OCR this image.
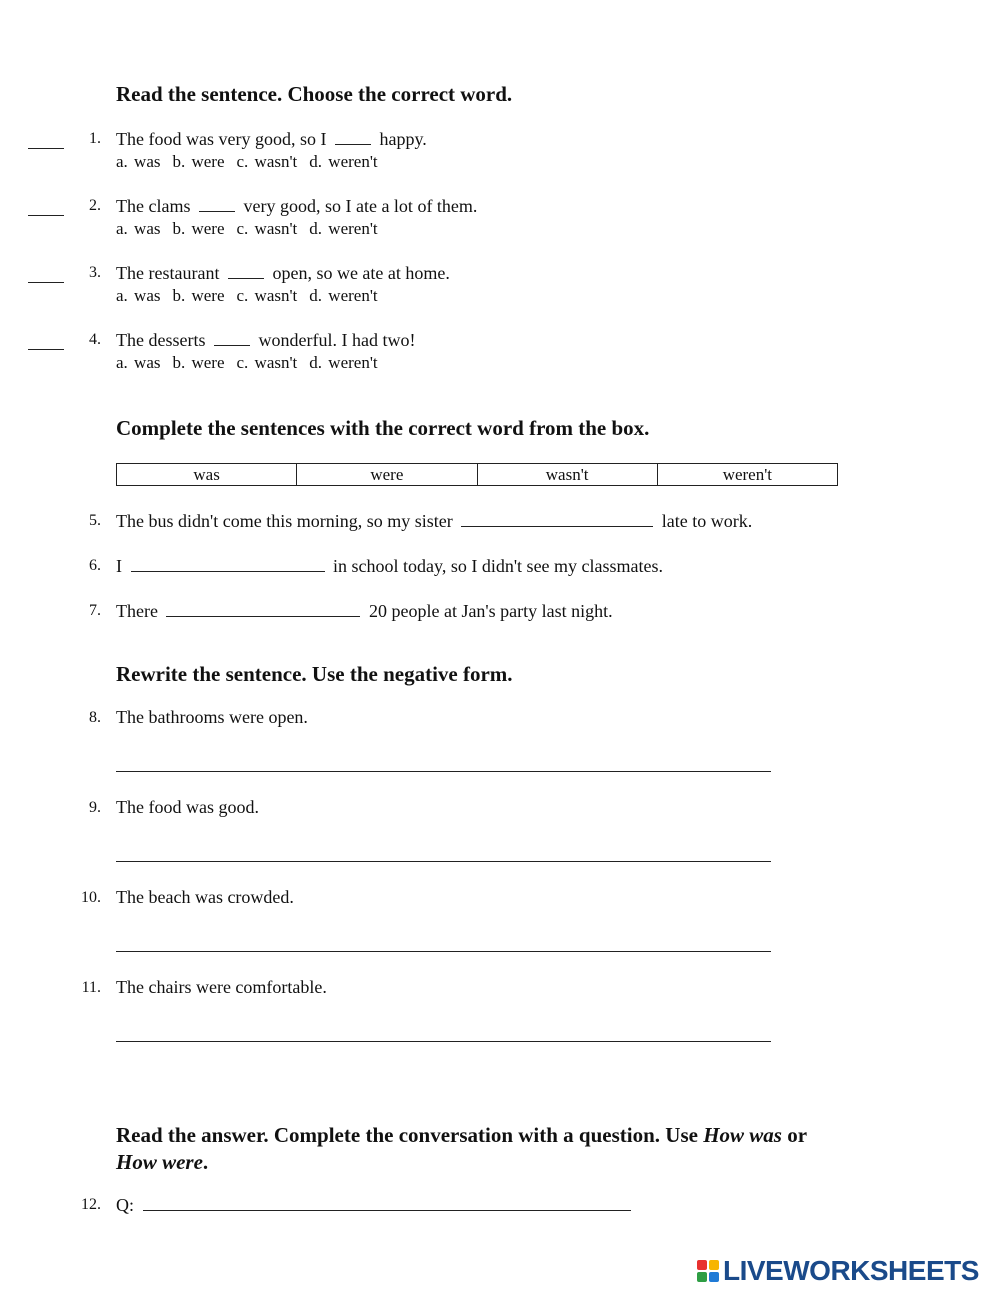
Read the sentence. Choose the correct word.
1. The food was very good, so I	happy.
a. was b. were c. wasn't d. weren't
2. The clams	very good, so I ate a lot of them.
a. was b. were c. wasn't d. weren't
3. The restaurant	open, so we ate at home.
a. was b. were c. wasn't d. weren't
4. The desserts	wonderful. I had two!
a. was b. were c. wasn't d. weren't
Complete the sentences with the correct word from the box.
was	were	wasn't	weren't
5. The bus didn't come this morning, so my sister	late to work.
6. I	in school today, so I didn't see my classmates.
7. There	20 people at Jan's party last night.
Rewrite the sentence. Use the negative form.
8. The bathrooms were open.
9. The food was good.
10. The beach was crowded.
11. The chairs were comfortable.
Read the answer. Complete the conversation with a question. Use How was or
How were.
12. Q:
LIVEWORKSHEETS
